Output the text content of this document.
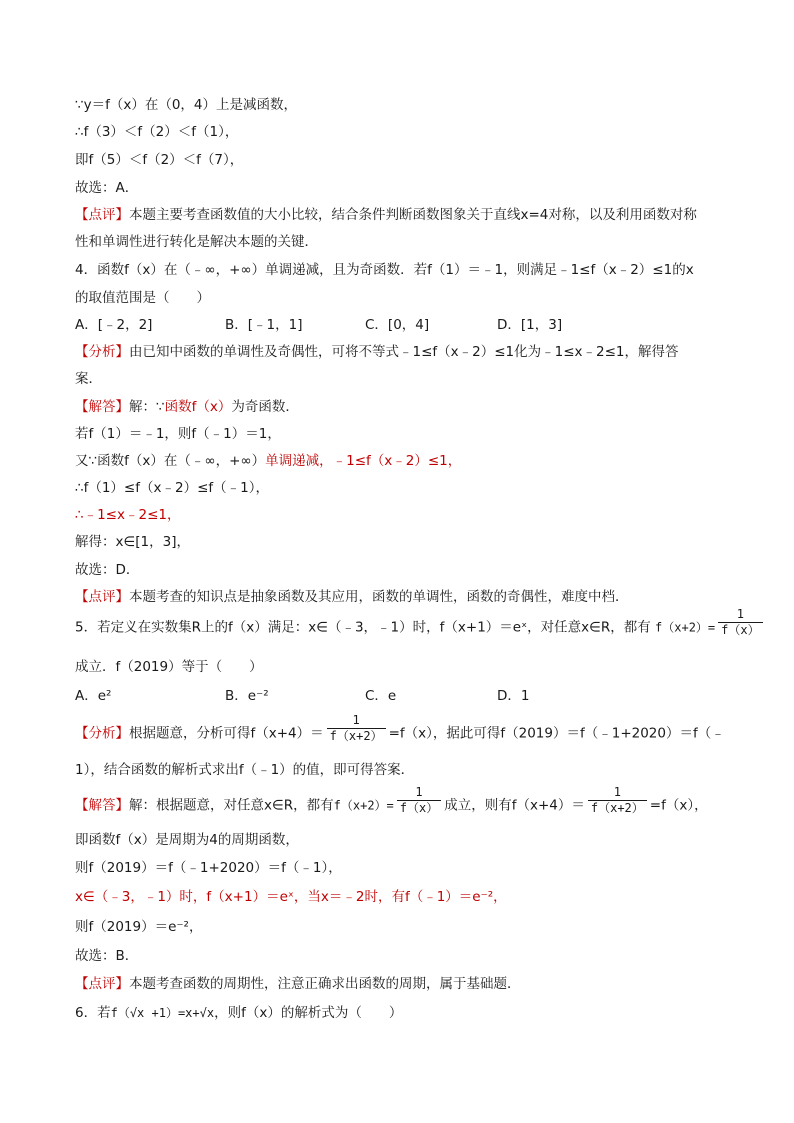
∵y＝f（x）在（0，4）上是减函数，
∴f（3）＜f（2）＜f（1），
即f（5）＜f（2）＜f（7），
故选：A．
【点评】本题主要考查函数值的大小比较，结合条件判断函数图象关于直线x=4对称，以及利用函数对称
性和单调性进行转化是解决本题的关键．
4．函数f（x）在（﹣∞，+∞）单调递减，且为奇函数．若f（1）＝﹣1，则满足﹣1≤f（x﹣2）≤1的x
的取值范围是（　　）
A．[﹣2，2]	B．[﹣1，1]	C．[0，4]	D．[1，3]
【分析】由已知中函数的单调性及奇偶性，可将不等式﹣1≤f（x﹣2）≤1化为﹣1≤x﹣2≤1，解得答
案．
【解答】解：∵函数f（x）为奇函数．
若f（1）＝﹣1，则f（﹣1）＝1，
又∵函数f（x）在（﹣∞，+∞）单调递减，﹣1≤f（x﹣2）≤1，
∴f（1）≤f（x﹣2）≤f（﹣1），
∴﹣1≤x﹣2≤1，
解得：x∈[1，3]，
故选：D．
【点评】本题考查的知识点是抽象函数及其应用，函数的单调性，函数的奇偶性，难度中档．
5．若定义在实数集R上的f（x）满足：x∈（﹣3，﹣1）时，f（x+1）＝eˣ，对任意x∈R，都有 $f(x+2)= \frac{1}{f(x)}$
成立．f（2019）等于（　　）
A．e²	B．e⁻²	C．e	D．1
【分析】根据题意，分析可得$f(x+4)= \frac{1}{f(x+2)} =f(x)$，据此可得f（2019）＝f（﹣1+2020）＝f（﹣
1），结合函数的解析式求出f（﹣1）的值，即可得答案．
【解答】解：根据题意，对任意x∈R，都有$f(x+2)= \frac{1}{f(x)}$ 成立，则有$f(x+4)= \frac{1}{f(x+2)} =f(x)$，
即函数f（x）是周期为4的周期函数，
则f（2019）＝f（﹣1+2020）＝f（﹣1），
x∈（﹣3，﹣1）时，f（x+1）＝eˣ，当x＝﹣2时，有f（﹣1）＝e⁻²，
则f（2019）＝e⁻²，
故选：B．
【点评】本题考查函数的周期性，注意正确求出函数的周期，属于基础题．
6．若f（√x +1）=x+√x，则f（x）的解析式为（　　）
